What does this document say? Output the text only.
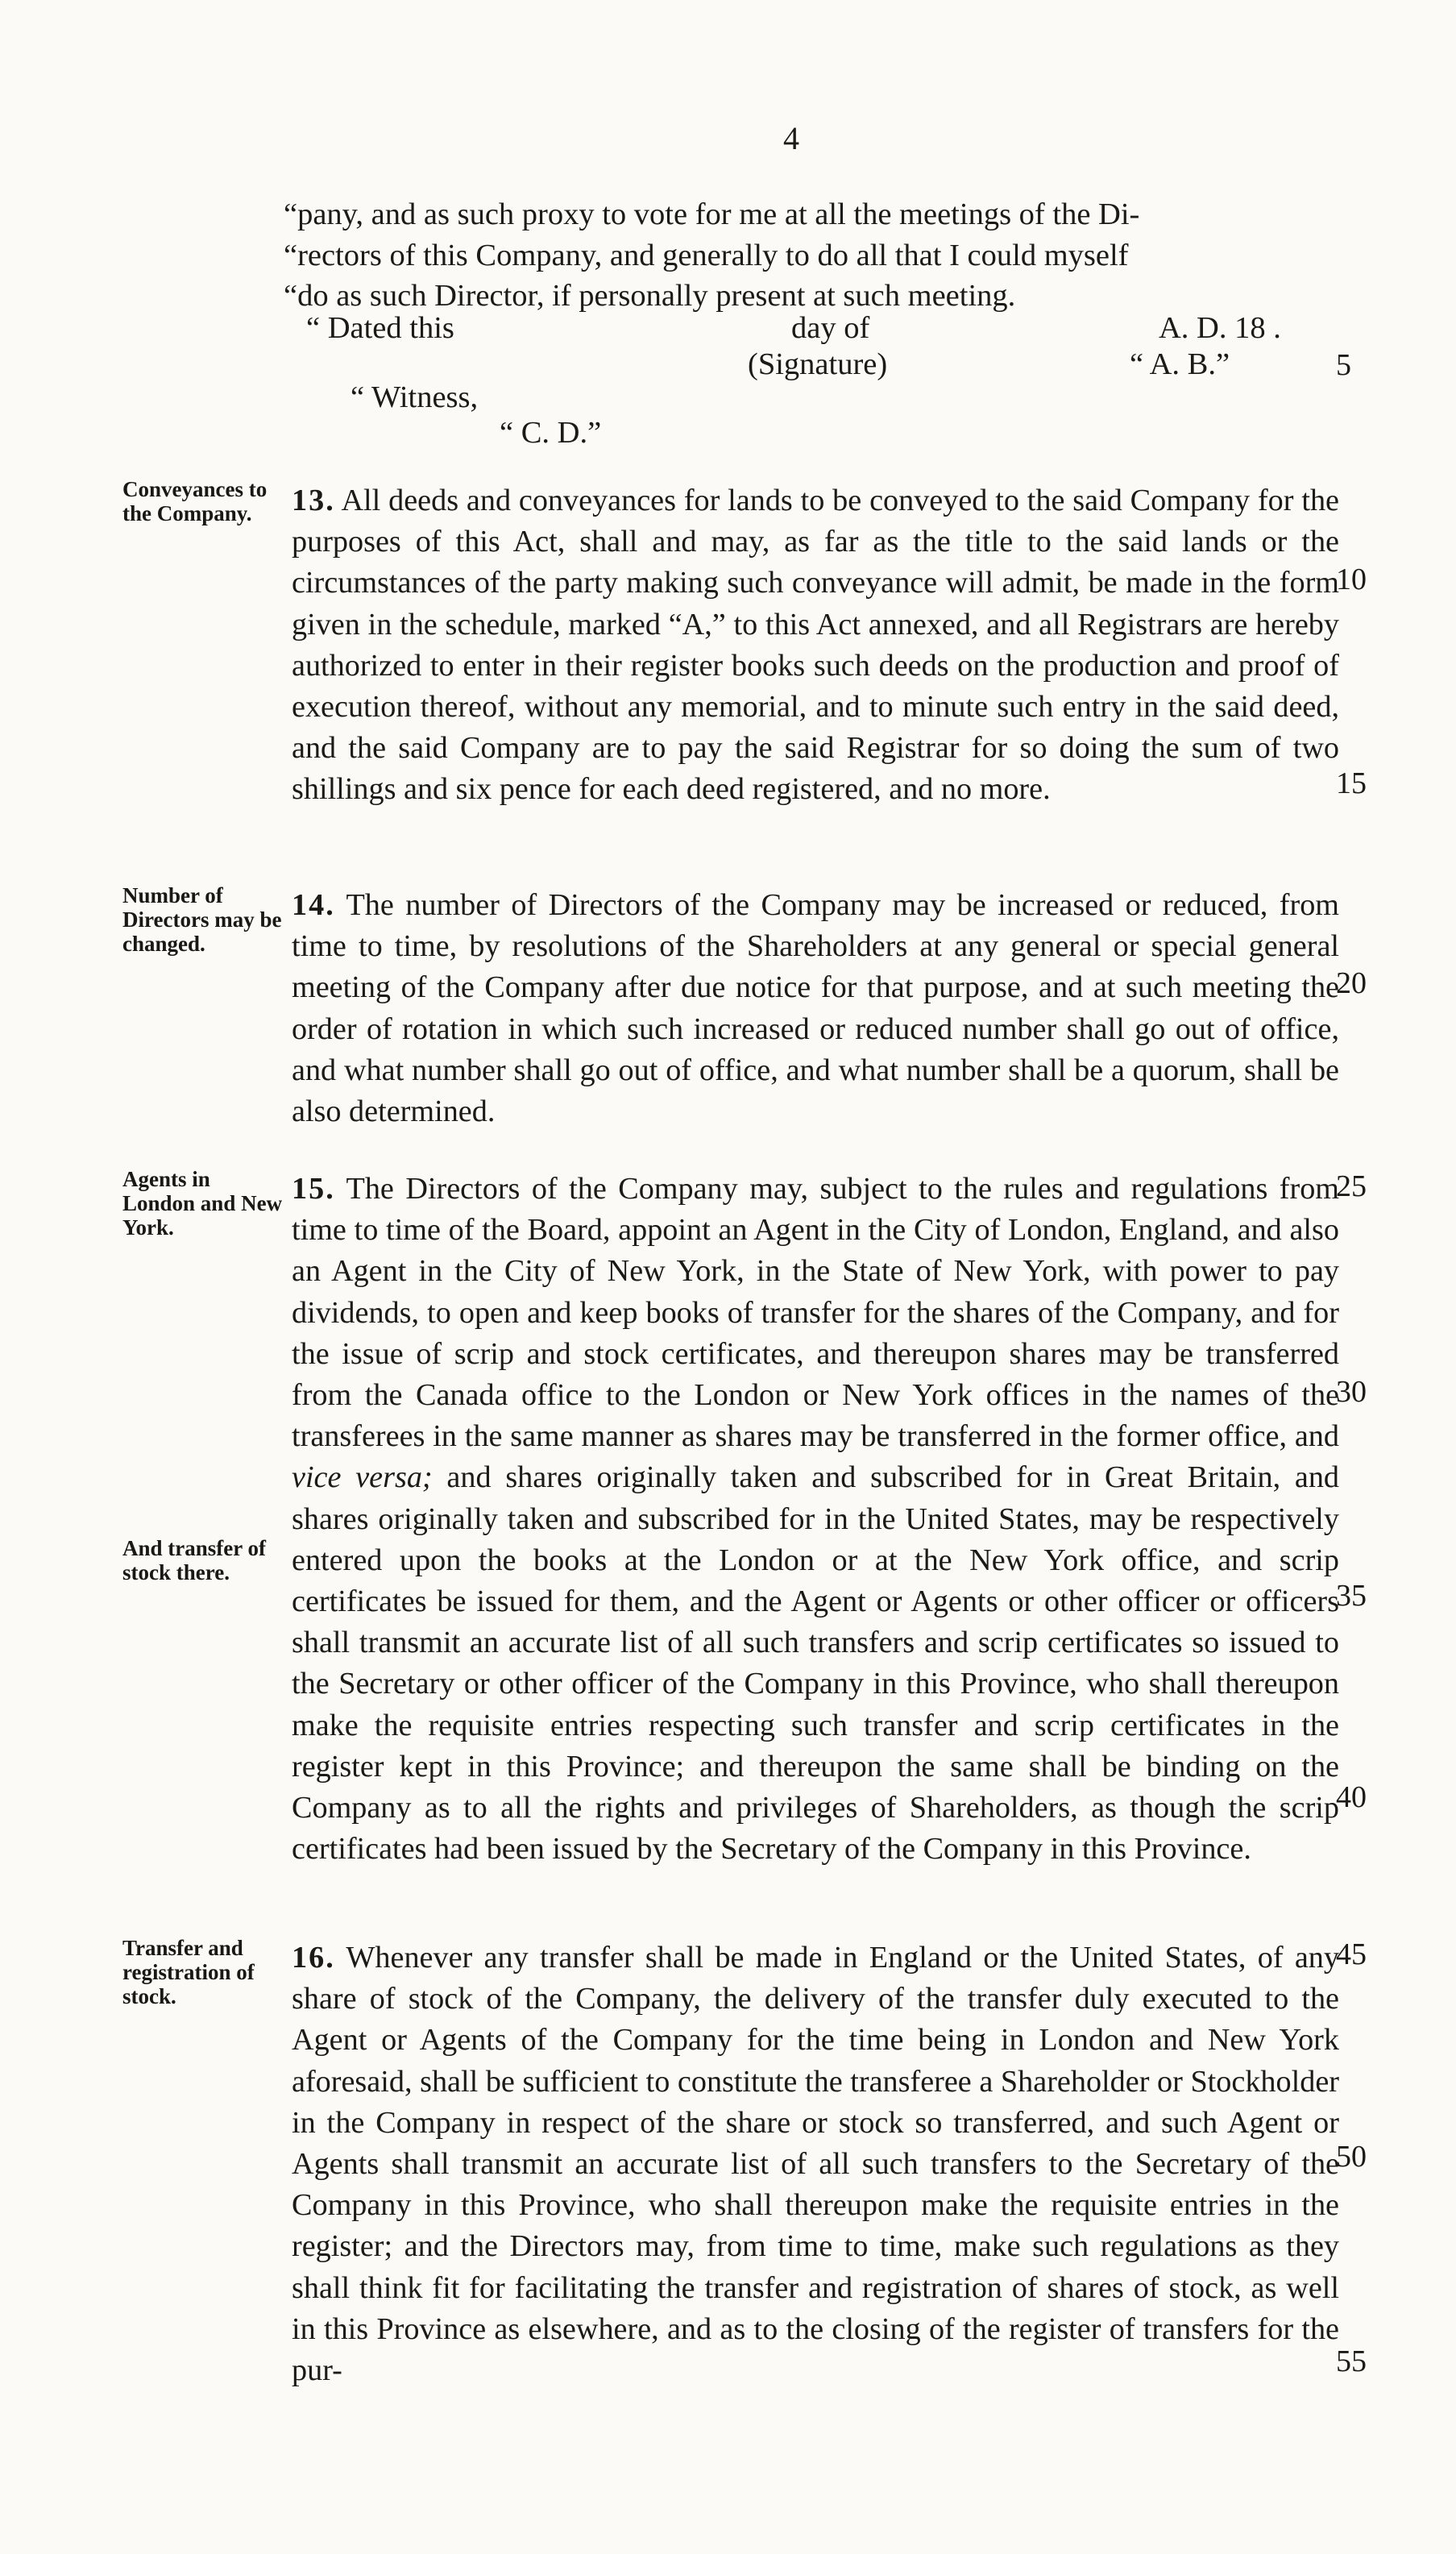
4

“pany, and as such proxy to vote for me at all the meetings of the Di-

“rectors of this Company, and generally to do all that I could myself

“do as such Director, if personally present at such meeting.

“ Dated this	day of	A. D. 18 .

(Signature)	“ A. B.”

“ Witness,

“ C. D.”

Conveyances to the Company.	13. All deeds and conveyances for lands to be conveyed to the said Company for the purposes of this Act, shall and may, as far as the title to the said lands or the circumstances of the party making such conveyance will admit, be made in the form given in the schedule, marked “A,” to this Act annexed, and all Registrars are hereby authorized to enter in their register books such deeds on the production and proof of execution thereof, without any memorial, and to minute such entry in the said deed, and the said Company are to pay the said Registrar for so doing the sum of two shillings and six pence for each deed registered, and no more.

Number of Directors may be changed.

14. The number of Directors of the Company may be increased or reduced, from time to time, by resolutions of the Shareholders at any general or special general meeting of the Company after due notice for that purpose, and at such meeting the order of rotation in which such increased or reduced number shall go out of office, and what number shall go out of office, and what number shall be a quorum, shall be also determined.

Agents in London and New York.

And transfer of stock there.

15. The Directors of the Company may, subject to the rules and regulations from time to time of the Board, appoint an Agent in the City of London, England, and also an Agent in the City of New York, in the State of New York, with power to pay dividends, to open and keep books of transfer for the shares of the Company, and for the issue of scrip and stock certificates, and thereupon shares may be transferred from the Canada office to the London or New York offices in the names of the transferees in the same manner as shares may be transferred in the former office, and vice versa; and shares originally taken and subscribed for in Great Britain, and shares originally taken and subscribed for in the United States, may be respectively entered upon the books at the London or at the New York office, and scrip certificates be issued for them, and the Agent or Agents or other officer or officers shall transmit an accurate list of all such transfers and scrip certificates so issued to the Secretary or other officer of the Company in this Province, who shall thereupon make the requisite entries respecting such transfer and scrip certificates in the register kept in this Province; and thereupon the same shall be binding on the Company as to all the rights and privileges of Shareholders, as though the scrip certificates had been issued by the Secretary of the Company in this Province.

Transfer and registration of stock.

16. Whenever any transfer shall be made in England or the United States, of any share of stock of the Company, the delivery of the transfer duly executed to the Agent or Agents of the Company for the time being in London and New York aforesaid, shall be sufficient to constitute the transferee a Shareholder or Stockholder in the Company in respect of the share or stock so transferred, and such Agent or Agents shall transmit an accurate list of all such transfers to the Secretary of the Company in this Province, who shall thereupon make the requisite entries in the register; and the Directors may, from time to time, make such regulations as they shall think fit for facilitating the transfer and registration of shares of stock, as well in this Province as elsewhere, and as to the closing of the register of transfers for the pur-

5
10
15
20
25
30
35
40
45
50
55
